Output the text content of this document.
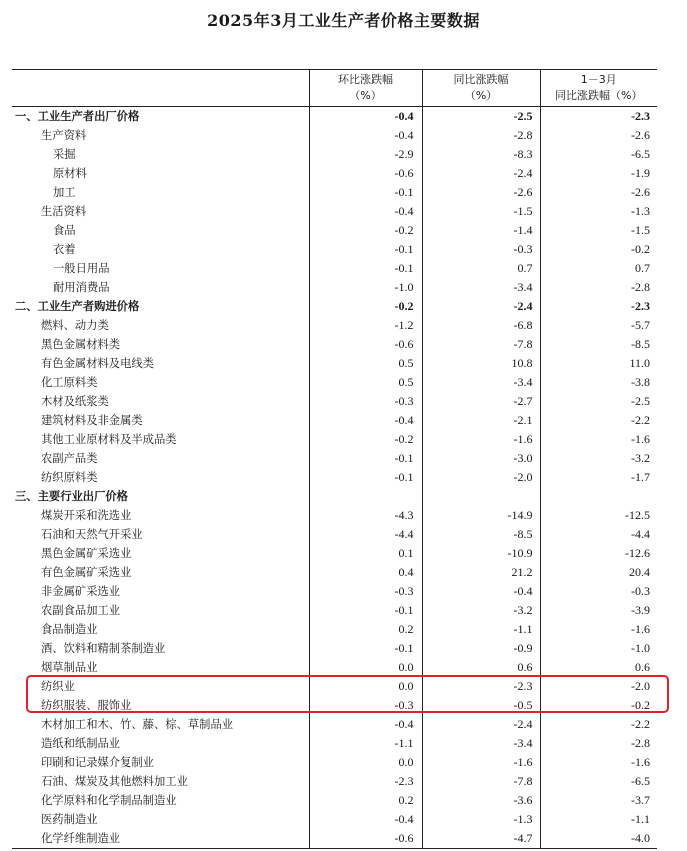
2025年3月工业生产者价格主要数据
	环比涨跌幅
（%）	同比涨跌幅
（%）	1－3月
同比涨跌幅（%）
一、工业生产者出厂价格	-0.4	-2.5	-2.3
生产资料	-0.4	-2.8	-2.6
采掘	-2.9	-8.3	-6.5
原材料	-0.6	-2.4	-1.9
加工	-0.1	-2.6	-2.6
生活资料	-0.4	-1.5	-1.3
食品	-0.2	-1.4	-1.5
衣着	-0.1	-0.3	-0.2
一般日用品	-0.1	0.7	0.7
耐用消费品	-1.0	-3.4	-2.8
二、工业生产者购进价格	-0.2	-2.4	-2.3
燃料、动力类	-1.2	-6.8	-5.7
黑色金属材料类	-0.6	-7.8	-8.5
有色金属材料及电线类	0.5	10.8	11.0
化工原料类	0.5	-3.4	-3.8
木材及纸浆类	-0.3	-2.7	-2.5
建筑材料及非金属类	-0.4	-2.1	-2.2
其他工业原材料及半成品类	-0.2	-1.6	-1.6
农副产品类	-0.1	-3.0	-3.2
纺织原料类	-0.1	-2.0	-1.7
三、主要行业出厂价格			
煤炭开采和洗选业	-4.3	-14.9	-12.5
石油和天然气开采业	-4.4	-8.5	-4.4
黑色金属矿采选业	0.1	-10.9	-12.6
有色金属矿采选业	0.4	21.2	20.4
非金属矿采选业	-0.3	-0.4	-0.3
农副食品加工业	-0.1	-3.2	-3.9
食品制造业	0.2	-1.1	-1.6
酒、饮料和精制茶制造业	-0.1	-0.9	-1.0
烟草制品业	0.0	0.6	0.6
纺织业	0.0	-2.3	-2.0
纺织服装、服饰业	-0.3	-0.5	-0.2
木材加工和木、竹、藤、棕、草制品业	-0.4	-2.4	-2.2
造纸和纸制品业	-1.1	-3.4	-2.8
印刷和记录媒介复制业	0.0	-1.6	-1.6
石油、煤炭及其他燃料加工业	-2.3	-7.8	-6.5
化学原料和化学制品制造业	0.2	-3.6	-3.7
医药制造业	-0.4	-1.3	-1.1
化学纤维制造业	-0.6	-4.7	-4.0
